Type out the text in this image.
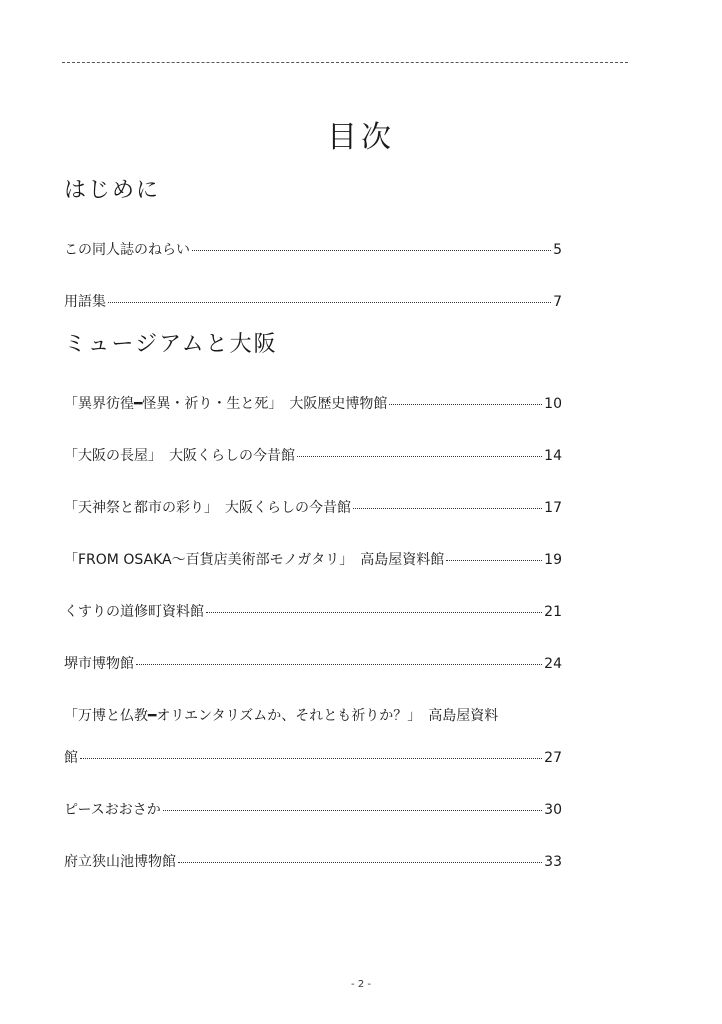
目次
はじめに
この同人誌のねらい	5
用語集	7
ミュージアムと大阪
「異界彷徨━怪異・祈り・生と死」　大阪歴史博物館	10
「大阪の長屋」　大阪くらしの今昔館	14
「天神祭と都市の彩り」　大阪くらしの今昔館	17
「FROM OSAKA～百貨店美術部モノガタリ」　高島屋資料館	19
くすりの道修町資料館	21
堺市博物館	24
「万博と仏教━オリエンタリズムか、それとも祈りか？」　高島屋資料
館	27
ピースおおさか	30
府立狭山池博物館	33
- 2 -
